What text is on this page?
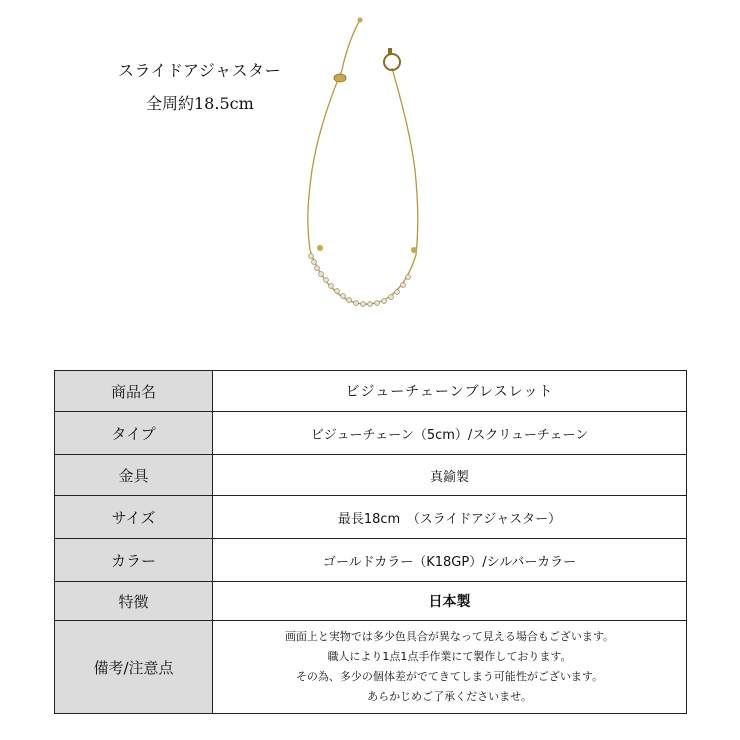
スライドアジャスター
全周約18.5cm
商品名	ビジューチェーンブレスレット
タイプ	ビジューチェーン（5cm）/スクリューチェーン
金具	真鍮製
サイズ	最長18cm　（スライドアジャスター）
カラー	ゴールドカラー（K18GP）/シルバーカラー
特徴	日本製
備考/注意点	画面上と実物では多少色具合が異なって見える場合もございます。
職人により1点1点手作業にて製作しております。
その為、多少の個体差がでてきてしまう可能性がございます。
あらかじめご了承くださいませ。
